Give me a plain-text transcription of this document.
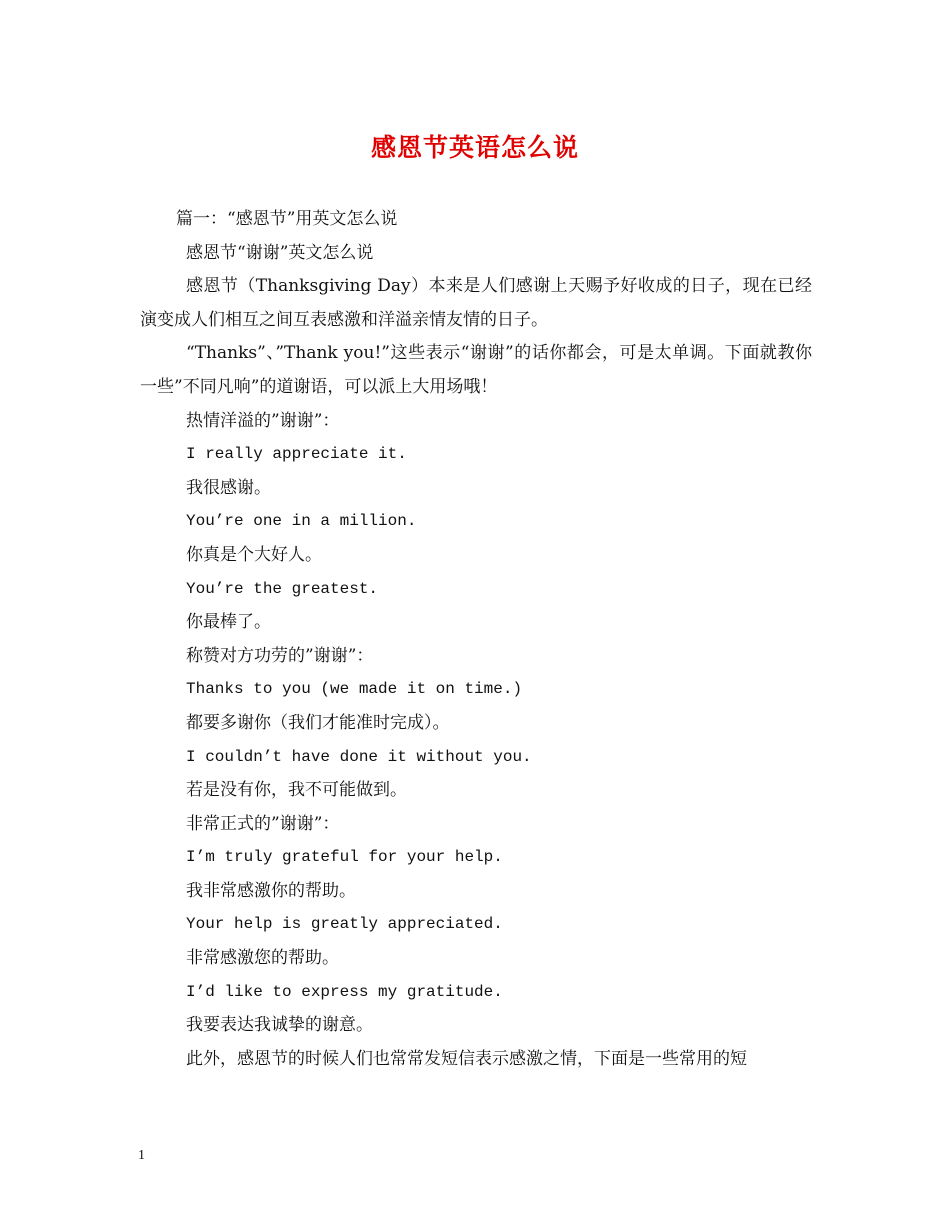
感恩节英语怎么说

篇一：“感恩节”用英文怎么说

感恩节“谢谢”英文怎么说

感恩节（Thanksgiving Day）本来是人们感谢上天赐予好收成的日子，现在已经演变成人们相互之间互表感激和洋溢亲情友情的日子。

“Thanks”、”Thank you!”这些表示“谢谢”的话你都会，可是太单调。下面就教你一些”不同凡响”的道谢语，可以派上大用场哦！

热情洋溢的”谢谢”：

I really appreciate it.

我很感谢。

You’re one in a million.

你真是个大好人。

You’re the greatest.

你最棒了。

称赞对方功劳的”谢谢”：

Thanks to you (we made it on time.)

都要多谢你（我们才能准时完成）。

I couldn’t have done it without you.

若是没有你，我不可能做到。

非常正式的”谢谢”：

I’m truly grateful for your help.

我非常感激你的帮助。

Your help is greatly appreciated.

非常感激您的帮助。

I’d like to express my gratitude.

我要表达我诚挚的谢意。

此外，感恩节的时候人们也常常发短信表示感激之情，下面是一些常用的短

1
